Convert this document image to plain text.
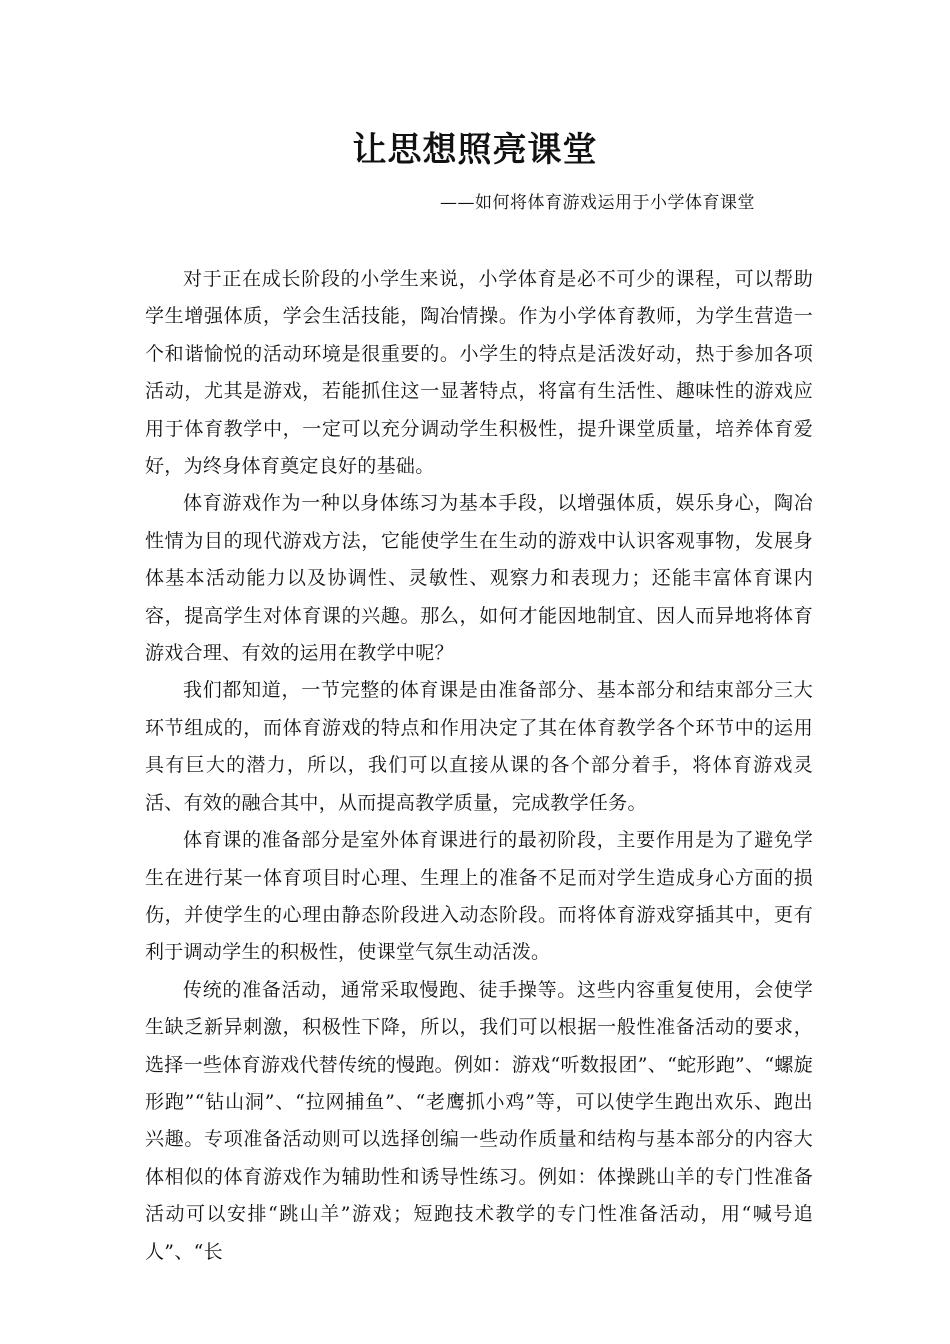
让思想照亮课堂
——如何将体育游戏运用于小学体育课堂

对于正在成长阶段的小学生来说，小学体育是必不可少的课程，可以帮助学生增强体质，学会生活技能，陶冶情操。作为小学体育教师，为学生营造一个和谐愉悦的活动环境是很重要的。小学生的特点是活泼好动，热于参加各项活动，尤其是游戏，若能抓住这一显著特点，将富有生活性、趣味性的游戏应用于体育教学中，一定可以充分调动学生积极性，提升课堂质量，培养体育爱好，为终身体育奠定良好的基础。

体育游戏作为一种以身体练习为基本手段，以增强体质，娱乐身心，陶冶性情为目的现代游戏方法，它能使学生在生动的游戏中认识客观事物，发展身体基本活动能力以及协调性、灵敏性、观察力和表现力；还能丰富体育课内容，提高学生对体育课的兴趣。那么，如何才能因地制宜、因人而异地将体育游戏合理、有效的运用在教学中呢？

我们都知道，一节完整的体育课是由准备部分、基本部分和结束部分三大环节组成的，而体育游戏的特点和作用决定了其在体育教学各个环节中的运用具有巨大的潜力，所以，我们可以直接从课的各个部分着手，将体育游戏灵活、有效的融合其中，从而提高教学质量，完成教学任务。

体育课的准备部分是室外体育课进行的最初阶段，主要作用是为了避免学生在进行某一体育项目时心理、生理上的准备不足而对学生造成身心方面的损伤，并使学生的心理由静态阶段进入动态阶段。而将体育游戏穿插其中，更有利于调动学生的积极性，使课堂气氛生动活泼。

传统的准备活动，通常采取慢跑、徒手操等。这些内容重复使用，会使学生缺乏新异刺激，积极性下降，所以，我们可以根据一般性准备活动的要求，选择一些体育游戏代替传统的慢跑。例如：游戏“听数报团”、“蛇形跑”、“螺旋形跑”“钻山洞”、“拉网捕鱼”、“老鹰抓小鸡”等，可以使学生跑出欢乐、跑出兴趣。专项准备活动则可以选择创编一些动作质量和结构与基本部分的内容大体相似的体育游戏作为辅助性和诱导性练习。例如：体操跳山羊的专门性准备活动可以安排“跳山羊”游戏；短跑技术教学的专门性准备活动，用“喊号追人”、“长
